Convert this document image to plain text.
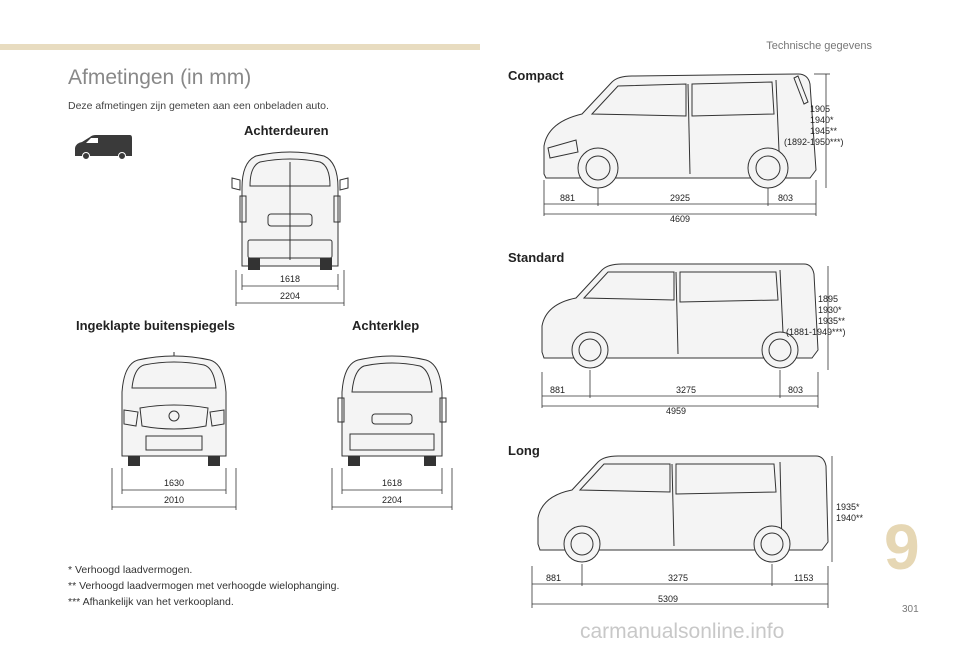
Technische gegevens
Afmetingen (in mm)
Deze afmetingen zijn gemeten aan een onbeladen auto.
Achterdeuren
1618
2204
Ingeklapte buitenspiegels
1630
2010
Achterklep
1618
2204
* Verhoogd laadvermogen.
** Verhoogd laadvermogen met verhoogde wielophanging.
*** Afhankelijk van het verkoopland.
Compact
881	2925	803
4609
1905
1940*
1945**
(1892-1950***)
Standard
881	3275	803
4959
1895
1930*
1935**
(1881-1949***)
Long
881	3275	1153
5309
1935*
1940** 9
301
carmanualsonline.info
